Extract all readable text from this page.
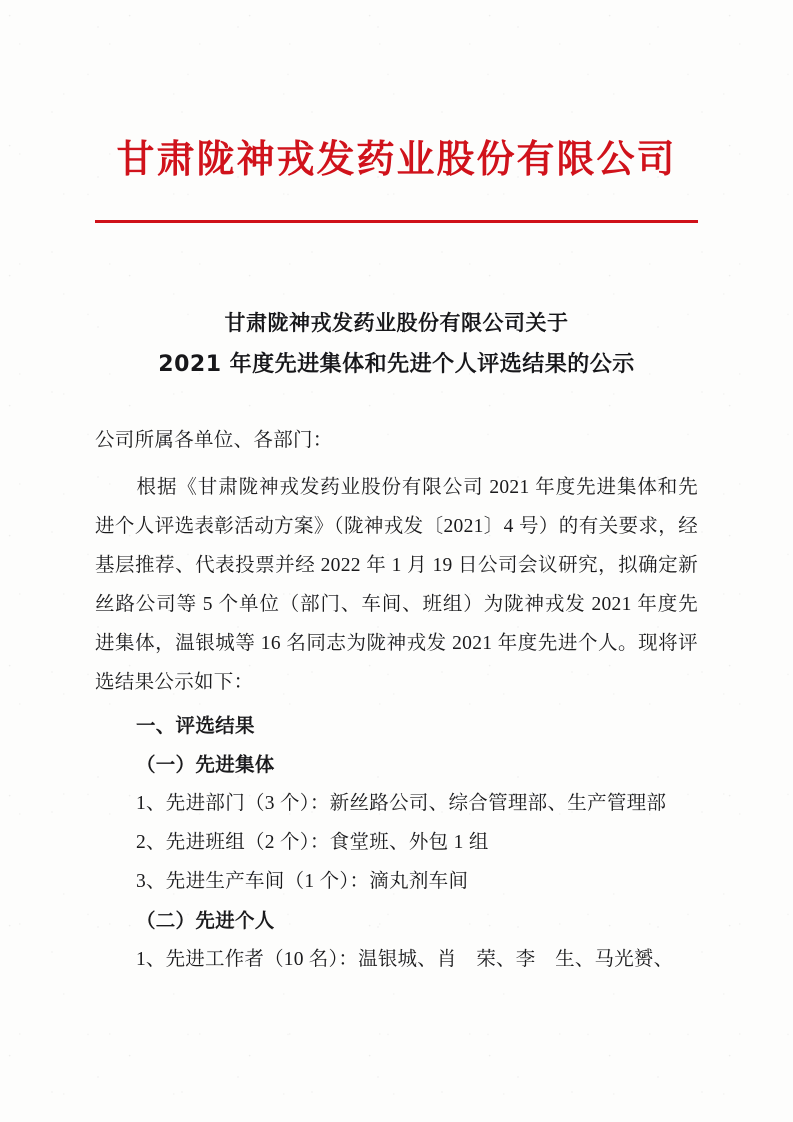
甘肃陇神戎发药业股份有限公司
甘肃陇神戎发药业股份有限公司关于
2021 年度先进集体和先进个人评选结果的公示
公司所属各单位、各部门：
根据《甘肃陇神戎发药业股份有限公司 2021 年度先进集体和先进个人评选表彰活动方案》（陇神戎发〔2021〕4 号）的有关要求，经基层推荐、代表投票并经 2022 年 1 月 19 日公司会议研究，拟确定新丝路公司等 5 个单位（部门、车间、班组）为陇神戎发 2021 年度先进集体，温银城等 16 名同志为陇神戎发 2021 年度先进个人。现将评选结果公示如下：
一、评选结果
（一）先进集体
1、先进部门（3 个）：新丝路公司、综合管理部、生产管理部
2、先进班组（2 个）：食堂班、外包 1 组
3、先进生产车间（1 个）：滴丸剂车间
（二）先进个人
1、先进工作者（10 名）：温银城、肖　荣、李　生、马光赟、
